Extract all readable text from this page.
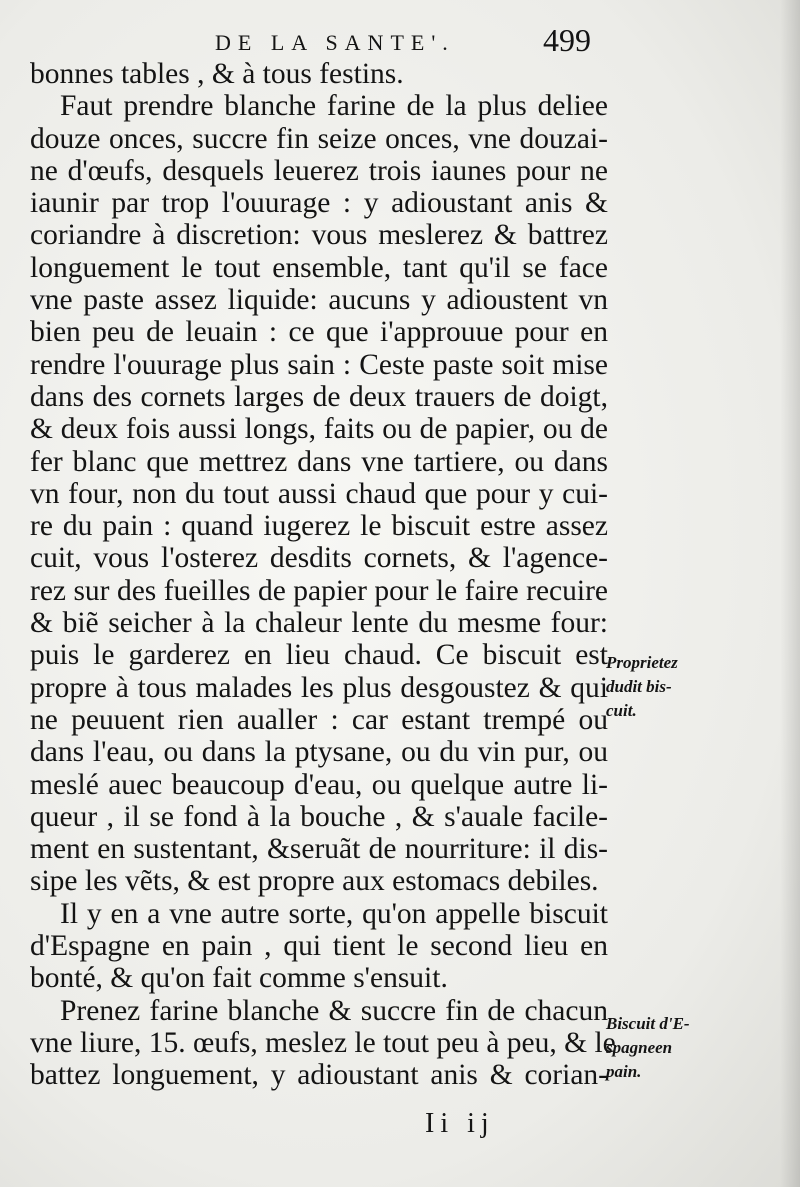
DE LA SANTE'.	499
bonnes tables , & à tous festins.
Faut prendre blanche farine de la plus deliee
douze onces, succre fin seize onces, vne douzai-
ne d'œufs, desquels leuerez trois iaunes pour ne
iaunir par trop l'ouurage : y adioustant anis &
coriandre à discretion: vous meslerez & battrez
longuement le tout ensemble, tant qu'il se face
vne paste assez liquide: aucuns y adioustent vn
bien peu de leuain : ce que i'approuue pour en
rendre l'ouurage plus sain : Ceste paste soit mise
dans des cornets larges de deux trauers de doigt,
& deux fois aussi longs, faits ou de papier, ou de
fer blanc que mettrez dans vne tartiere, ou dans
vn four, non du tout aussi chaud que pour y cui-
re du pain : quand iugerez le biscuit estre assez
cuit, vous l'osterez desdits cornets, & l'agence-
rez sur des fueilles de papier pour le faire recuire
& biẽ seicher à la chaleur lente du mesme four:
puis le garderez en lieu chaud. Ce biscuit est
propre à tous malades les plus desgoustez & qui
ne peuuent rien aualler : car estant trempé ou
dans l'eau, ou dans la ptysane, ou du vin pur, ou
meslé auec beaucoup d'eau, ou quelque autre li-
queur , il se fond à la bouche , & s'auale facile-
ment en sustentant, &seruãt de nourriture: il dis-
sipe les vẽts, & est propre aux estomacs debiles.
Il y en a vne autre sorte, qu'on appelle biscuit
d'Espagne en pain , qui tient le second lieu en
bonté, & qu'on fait comme s'ensuit.
Prenez farine blanche & succre fin de chacun
vne liure, 15. œufs, meslez le tout peu à peu, & le
battez longuement, y adioustant anis & corian-
Proprietez
dudit bis-
cuit.
Biscuit d'E-
spagneen
pain.
Ii ij
